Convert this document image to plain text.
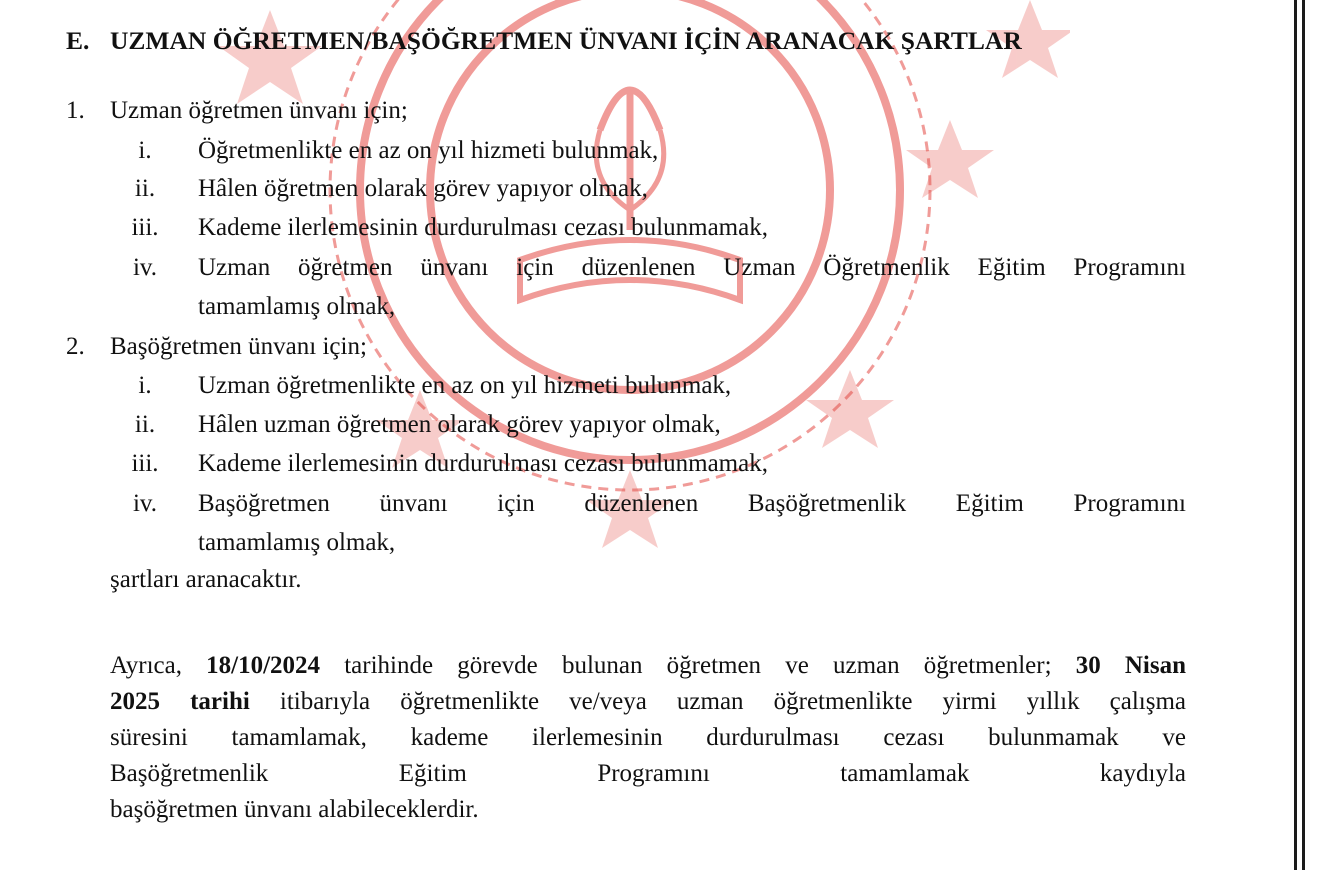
E. UZMAN ÖĞRETMEN/BAŞÖĞRETMEN ÜNVANI İÇİN ARANACAK ŞARTLAR
1. Uzman öğretmen ünvanı için;
i.	Öğretmenlikte en az on yıl hizmeti bulunmak,
ii.	Hâlen öğretmen olarak görev yapıyor olmak,
iii.	Kademe ilerlemesinin durdurulması cezası bulunmamak,
iv.	Uzman öğretmen ünvanı için düzenlenen Uzman Öğretmenlik Eğitim Programını
tamamlamış olmak,
2. Başöğretmen ünvanı için;
i.	Uzman öğretmenlikte en az on yıl hizmeti bulunmak,
ii.	Hâlen uzman öğretmen olarak görev yapıyor olmak,
iii.	Kademe ilerlemesinin durdurulması cezası bulunmamak,
iv.	Başöğretmen ünvanı için düzenlenen Başöğretmenlik Eğitim Programını
tamamlamış olmak,
şartları aranacaktır.
Ayrıca, 18/10/2024 tarihinde görevde bulunan öğretmen ve uzman öğretmenler; 30 Nisan
2025 tarihi itibarıyla öğretmenlikte ve/veya uzman öğretmenlikte yirmi yıllık çalışma
süresini tamamlamak, kademe ilerlemesinin durdurulması cezası bulunmamak ve
Başöğretmenlik Eğitim Programını tamamlamak kaydıyla
başöğretmen ünvanı alabileceklerdir.
